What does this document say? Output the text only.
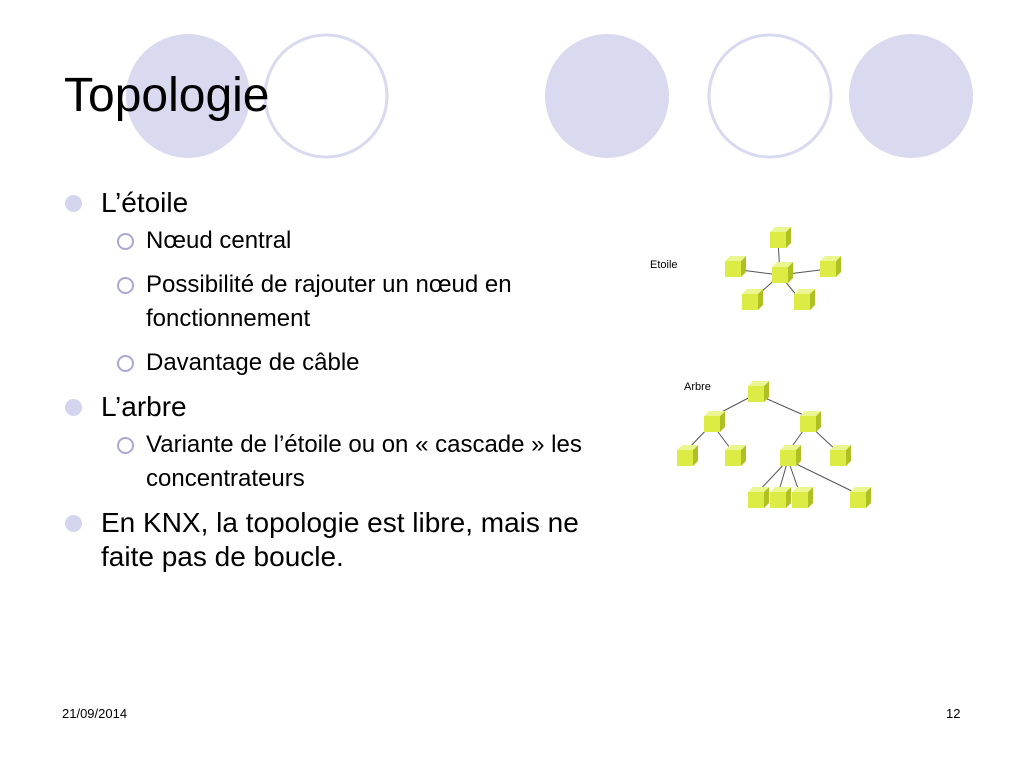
Topologie
L’étoile
Nœud central
Possibilité de rajouter un nœud en fonctionnement
Davantage de câble
L’arbre
Variante de l’étoile ou on « cascade » les concentrateurs
En KNX, la topologie est libre, mais ne faite pas de boucle.
Etoile
Arbre
21/09/2014	12
